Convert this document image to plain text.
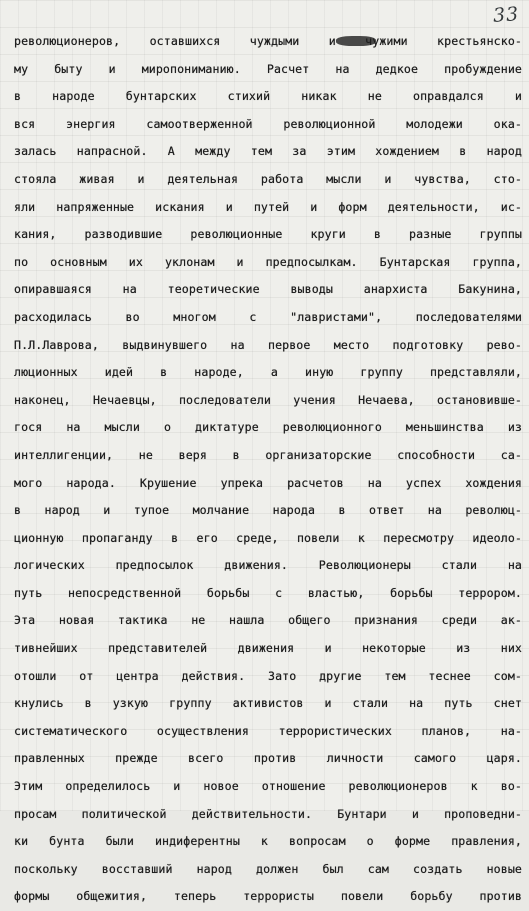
33
революционеров, оставшихся чуждыми и чужими крестьянско-
му быту и миропониманию. Расчет на дедкое пробуждение
в народе бунтарских стихий никак не оправдался и
вся энергия самоотверженной революционной молодежи ока-
залась напрасной. А между тем за этим хождением в народ
стояла живая и деятельная работа мысли и чувства, сто-
яли напряженные искания и путей и форм деятельности, ис-
кания, разводившие революционные круги в разные группы
по основным их уклонам и предпосылкам. Бунтарская группа,
опиравшаяся на теоретические выводы анархиста Бакунина,
расходилась во многом с "лавристами", последователями
П.Л.Лаврова, выдвинувшего на первое место подготовку рево-
люционных идей в народе, а иную группу представляли,
наконец, Нечаевцы, последователи учения Нечаева, остановивше-
гося на мысли о диктатуре революционного меньшинства из
интеллигенции, не веря в организаторские способности са-
мого народа. Крушение упрека расчетов на успех хождения
в народ и тупое молчание народа в ответ на революц-
ционную пропаганду в его среде, повели к пересмотру идеоло-
логических предпосылок движения. Революционеры стали на
путь непосредственной борьбы с властью, борьбы террором.
Эта новая тактика не нашла общего признания среди ак-
тивнейших представителей движения и некоторые из них
отошли от центра действия. Зато другие тем теснее сом-
кнулись в узкую группу активистов и стали на путь снет
систематического осуществления террористических планов, на-
правленных прежде всего против личности самого царя.
Этим определилось и новое отношение революционеров к во-
просам политической действительности. Бунтари и проповедни-
ки бунта были индиферентны к вопросам о форме правления,
поскольку восставший народ должен был сам создать новые
формы общежития, теперь террористы повели борьбу против
